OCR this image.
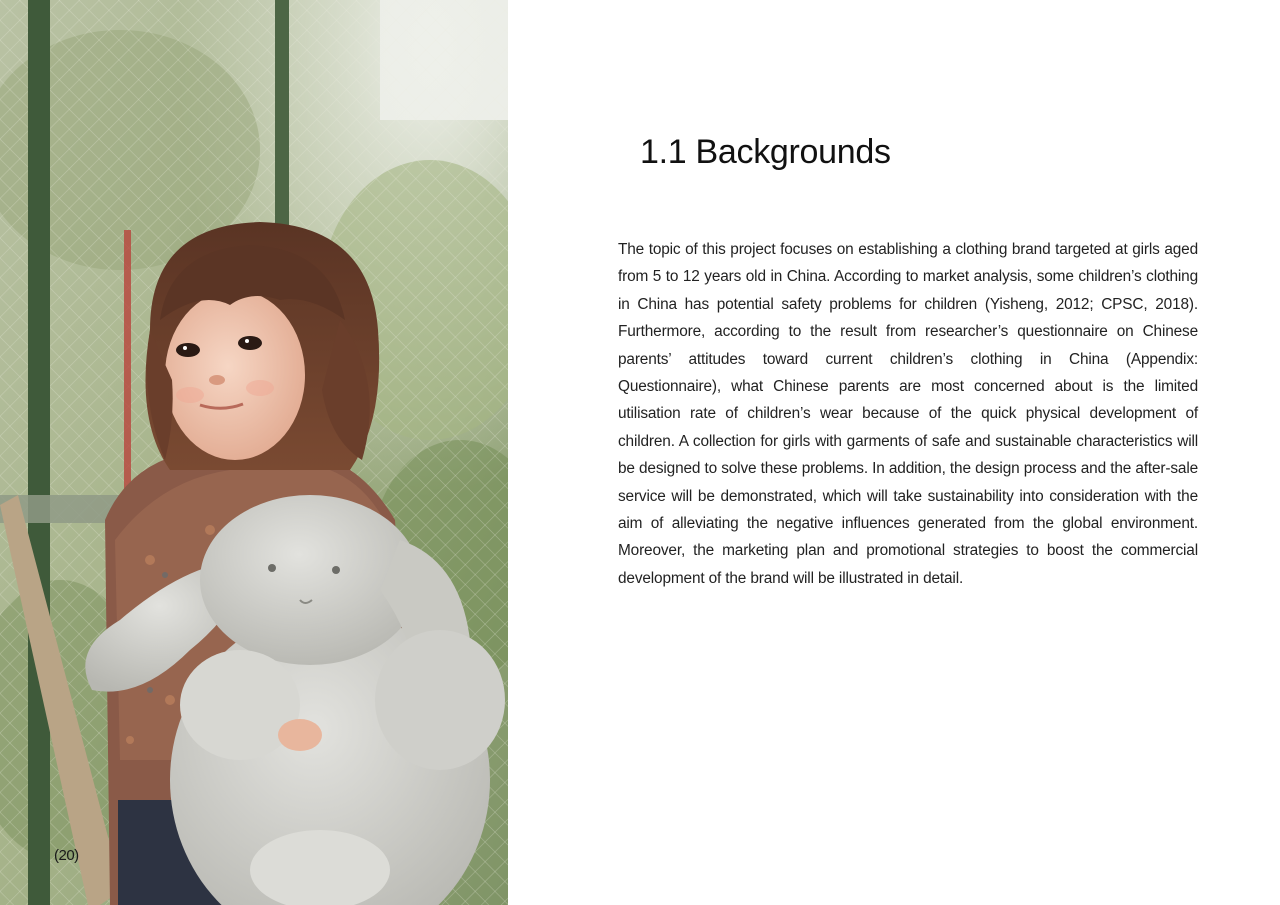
(20)
1.1 Backgrounds

The topic of this project focuses on establishing a clothing brand targeted at girls aged from 5 to 12 years old in China. According to market analysis, some children’s clothing in China has potential safety problems for children (Yisheng, 2012; CPSC, 2018). Furthermore, according to the result from researcher’s questionnaire on Chinese parents’ attitudes toward current children’s clothing in China (Appendix: Questionnaire), what Chinese parents are most concerned about is the limited utilisation rate of children’s wear because of the quick physical development of children. A collection for girls with garments of safe and sustainable characteristics will be designed to solve these problems. In addition, the design process and the after-sale service will be demonstrated, which will take sustainability into consideration with the aim of alleviating the negative influences generated from the global environment. Moreover, the marketing plan and promotional strategies to boost the commercial development of the brand will be illustrated in detail.
